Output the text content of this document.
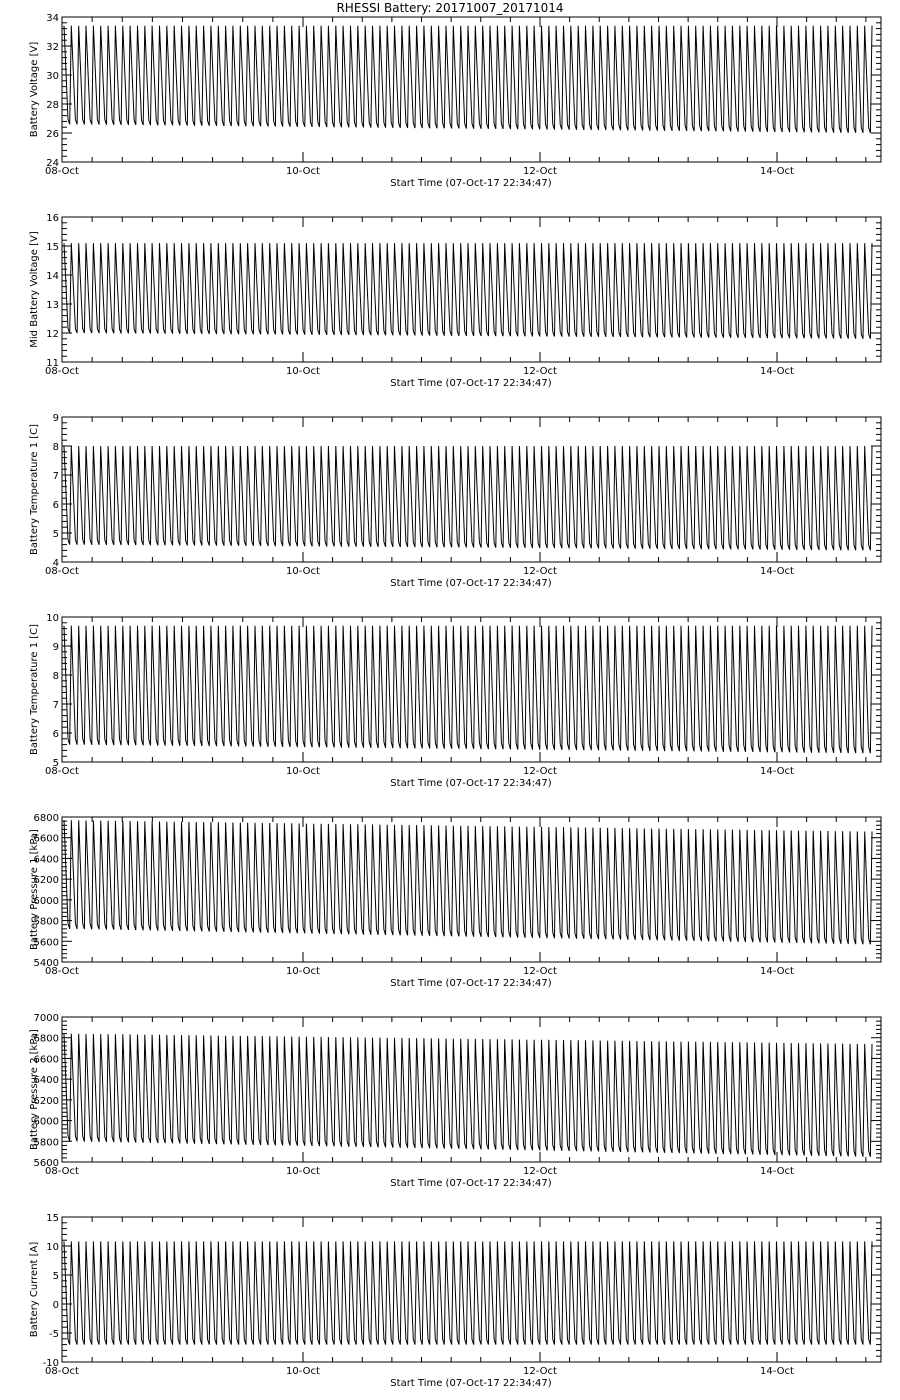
RHESSI Battery: 20171007_20171014
24
26
28
30
32
34
08-Oct	10-Oct	12-Oct	14-Oct
Start Time (07-Oct-17 22:34:47)
Battery Voltage [V]
11
12
13
14
15
16
08-Oct	10-Oct	12-Oct	14-Oct
Start Time (07-Oct-17 22:34:47)
Mid Battery Voltage [V]
4
5
6
7
8
9
08-Oct	10-Oct	12-Oct	14-Oct
Start Time (07-Oct-17 22:34:47)
Battery Temperature 1 [C]
5
6
7
8
9
10
08-Oct	10-Oct	12-Oct	14-Oct
Start Time (07-Oct-17 22:34:47)
Battery Temperature 1 [C]
5400
5600
5800
6000
6200
6400
6600
6800
08-Oct	10-Oct	12-Oct	14-Oct
Start Time (07-Oct-17 22:34:47)
Battery Pressure 1 [kPa]
5600
5800
6000
6200
6400
6600
6800
7000
08-Oct	10-Oct	12-Oct	14-Oct
Start Time (07-Oct-17 22:34:47)
Battery Pressure 2 [kPa]
-10
-5
0
5
10
15
08-Oct	10-Oct	12-Oct	14-Oct
Start Time (07-Oct-17 22:34:47)
Battery Current [A]
